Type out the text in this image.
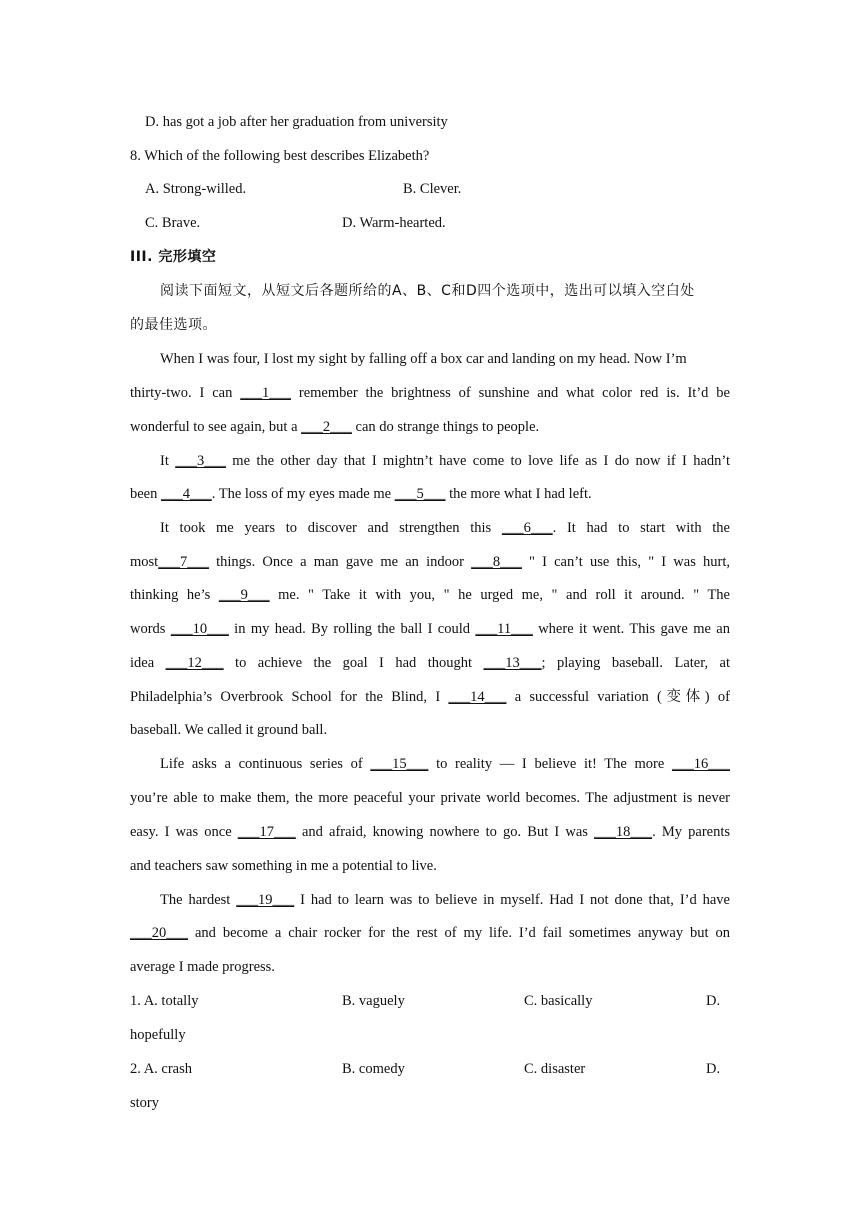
D. has got a job after her graduation from university
8. Which of the following best describes Elizabeth?
A. Strong-willed.	B. Clever.
C. Brave.	D. Warm-hearted.
III. 完形填空
阅读下面短文，从短文后各题所给的A、B、C和D四个选项中，选出可以填入空白处
的最佳选项。
When I was four, I lost my sight by falling off a box car and landing on my head. Now I’m
thirty-two. I can ___1___ remember the brightness of sunshine and what color red is. It’d be
wonderful to see again, but a ___2___ can do strange things to people.
It ___3___ me the other day that I mightn’t have come to love life as I do now if I hadn’t
been ___4___. The loss of my eyes made me ___5___ the more what I had left.
It took me years to discover and strengthen this ___6___. It had to start with the
most___7___ things. Once a man gave me an indoor ___8___ " I can’t use this, " I was hurt,
thinking he’s ___9___ me. " Take it with you, " he urged me, " and roll it around. " The
words ___10___ in my head. By rolling the ball I could ___11___ where it went. This gave me an
idea ___12___ to achieve the goal I had thought ___13___; playing baseball. Later, at
Philadelphia’s Overbrook School for the Blind, I ___14___ a successful variation (变体) of
baseball. We called it ground ball.
Life asks a continuous series of ___15___ to reality — I believe it! The more ___16___
you’re able to make them, the more peaceful your private world becomes. The adjustment is never
easy. I was once ___17___ and afraid, knowing nowhere to go. But I was ___18___. My parents
and teachers saw something in me a potential to live.
The hardest ___19___ I had to learn was to believe in myself. Had I not done that, I’d have
___20___ and become a chair rocker for the rest of my life. I’d fail sometimes anyway but on
average I made progress.
1. A. totally	B. vaguely	C. basically	D.
hopefully
2. A. crash	B. comedy	C. disaster	D.
story
